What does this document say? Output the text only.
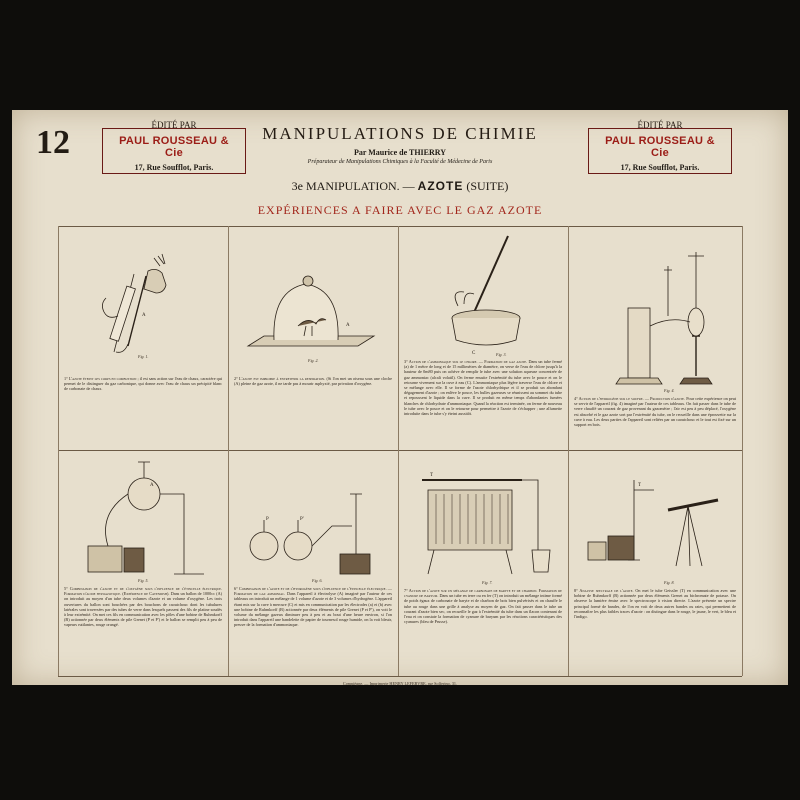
12	ÉDITÉ PAR
PAUL ROUSSEAU & Cie
17, Rue Soufflot, Paris.
ÉDITÉ PAR
PAUL ROUSSEAU & Cie
17, Rue Soufflot, Paris.
MANIPULATIONS DE CHIMIE
Par Maurice de THIERRY
Préparateur de Manipulations Chimiques à la Faculté de Médecine de Paris
3e MANIPULATION. — AZOTE (SUITE)
EXPÉRIENCES A FAIRE AVEC LE GAZ AZOTE
A
Fig. 1.
1° L'azote éteint les corps en combustion ; il est sans action sur l'eau de chaux, caractère qui permet de le distinguer du gaz carbonique, qui donne avec l'eau de chaux un précipité blanc de carbonate de chaux.
A
Fig. 2.
2° L'azote est impropre à entretenir la respiration. (Si l'on met un oiseau sous une cloche (A) pleine de gaz azote, il ne tarde pas à mourir asphyxié, par privation d'oxygène.
C	Fig. 3.
3° Action de l'ammoniaque sur le chlore. — Formation de gaz azote. Dans un tube fermé (a) de 1 mètre de long et de 15 millimètres de diamètre, on verse de l'eau de chlore jusqu'à la hauteur de 0m80 puis on achève de remplir le tube avec une solution aqueuse concentrée de gaz ammoniac (alcali volatil). On ferme ensuite l'extrémité du tube avec le pouce et on le retourne vivement sur la cuve à eau (C). L'ammoniaque plus légère traverse l'eau de chlore et se mélange avec elle. Il se forme de l'azote chlorhydrique et il se produit un abondant dégagement d'azote ; on enlève le pouce, les bulles gazeuses se réunissent au sommet du tube et repoussent le liquide dans la cuve. Il se produit en même temps d'abondantes fumées blanches de chlorhydrate d'ammoniaque. Quand la réaction est terminée, on ferme de nouveau le tube avec le pouce et on le retourne pour permettre à l'azote de s'échapper ; une allumette introduite dans le tube s'y éteint aussitôt.
Fig. 4.
4° Action de l'hydrogène sur le soufre. — Production d'azote. Pour cette expérience on peut se servir de l'appareil (fig. 4) imaginé par l'auteur de ces tableaux. On fait passer dans le tube de verre chauffé un courant de gaz provenant du gazomètre ; l'air est peu à peu déplacé, l'oxygène est absorbé et le gaz azote sort par l'extrémité du tube, on le recueille dans une éprouvette sur la cuve à eau. Les deux parties de l'appareil sont reliées par un caoutchouc et le tout est fixé sur un support en bois.
A
Fig. 5.
5° Combinaison de l'azote et de l'oxygène sous l'influence de l'étincelle électrique. Formation d'acide hypoazotique. (Expérience de Cavendish). Dans un ballon de 1000cc (A) on introduit au moyen d'un tube deux volumes d'azote et un volume d'oxygène. Les trois ouvertures du ballon sont bouchées par des bouchons de caoutchouc dont les tubulures latérales sont traversées par des tubes de verre dans lesquels passent des fils de platine soudés à leur extrémité. On met ces fils en communication avec les pôles d'une bobine de Ruhmkorff (B) actionnée par deux éléments de pile Grenet (P et P') et le ballon se remplit peu à peu de vapeurs rutilantes, rouge orangé.
P	P'
Fig. 6.
6° Combinaison de l'azote et de l'hydrogène sous l'influence de l'étincelle électrique. — Formation de gaz ammoniac. Dans l'appareil à électrolyse (A) imaginé par l'auteur de ces tableaux on introduit un mélange de 1 volume d'azote et de 3 volumes d'hydrogène. L'appareil étant mis sur la cuve à mercure (C) et mis en communication par les électrodes (a) et (b) avec une bobine de Ruhmkorff (B) actionnée par deux éléments de pile Grenet (P et P'), on voit le volume du mélange gazeux diminuer peu à peu et au bout d'une heure environ, si l'on introduit dans l'appareil une bandelette de papier de tournesol rouge humide, on la voit bleuir, preuve de la formation d'ammoniaque.
T
Fig. 7.
7° Action de l'azote sur un mélange de carbonate de baryte et de charbon. Formation de cyanure de baryum. Dans un tube en terre ou en fer (T) on introduit un mélange intime formé de poids égaux de carbonate de baryte et de charbon de bois bien pulvérisés et on chauffe le tube au rouge dans une grille à analyse au moyen de gaz. On fait passer dans le tube un courant d'azote bien sec, on recueille le gaz à l'extrémité du tube dans un flacon contenant de l'eau et on constate la formation de cyanure de baryum par les réactions caractéristiques des cyanures (bleu de Prusse).
T
Fig. 8.
8° Analyse spectrale de l'azote. On met le tube Geissler (T) en communication avec une bobine de Ruhmkorff (B) actionnée par deux éléments Grenet au bichromate de potasse. On observe la lumière émise avec le spectroscope à vision directe. L'azote présente un spectre principal formé de bandes, de l'on en voit de deux autres bandes ou raies, qui permettent de reconnaître les plus faibles traces d'azote : on distingue dans le rouge, le jaune, le vert, le bleu et l'indigo.
Compiègne. — Imprimerie HENRY LEFEBVRE, rue Solferino, 31.
